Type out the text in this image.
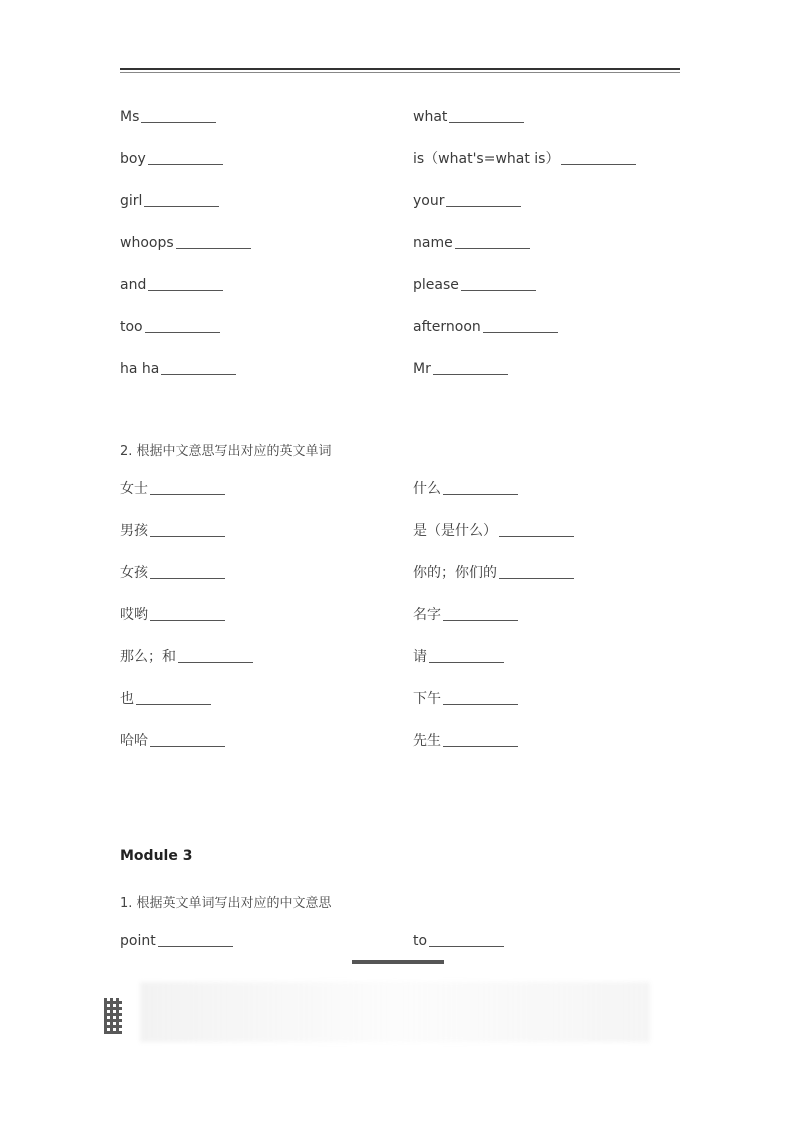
Ms	what
boy	is（what's=what is）
girl	your
whoops	name
and	please
too	afternoon
ha ha	Mr
2. 根据中文意思写出对应的英文单词
女士	什么
男孩	是（是什么）
女孩	你的；你们的
哎哟	名字
那么；和	请
也	下午
哈哈	先生
Module 3
1. 根据英文单词写出对应的中文意思
point	to
